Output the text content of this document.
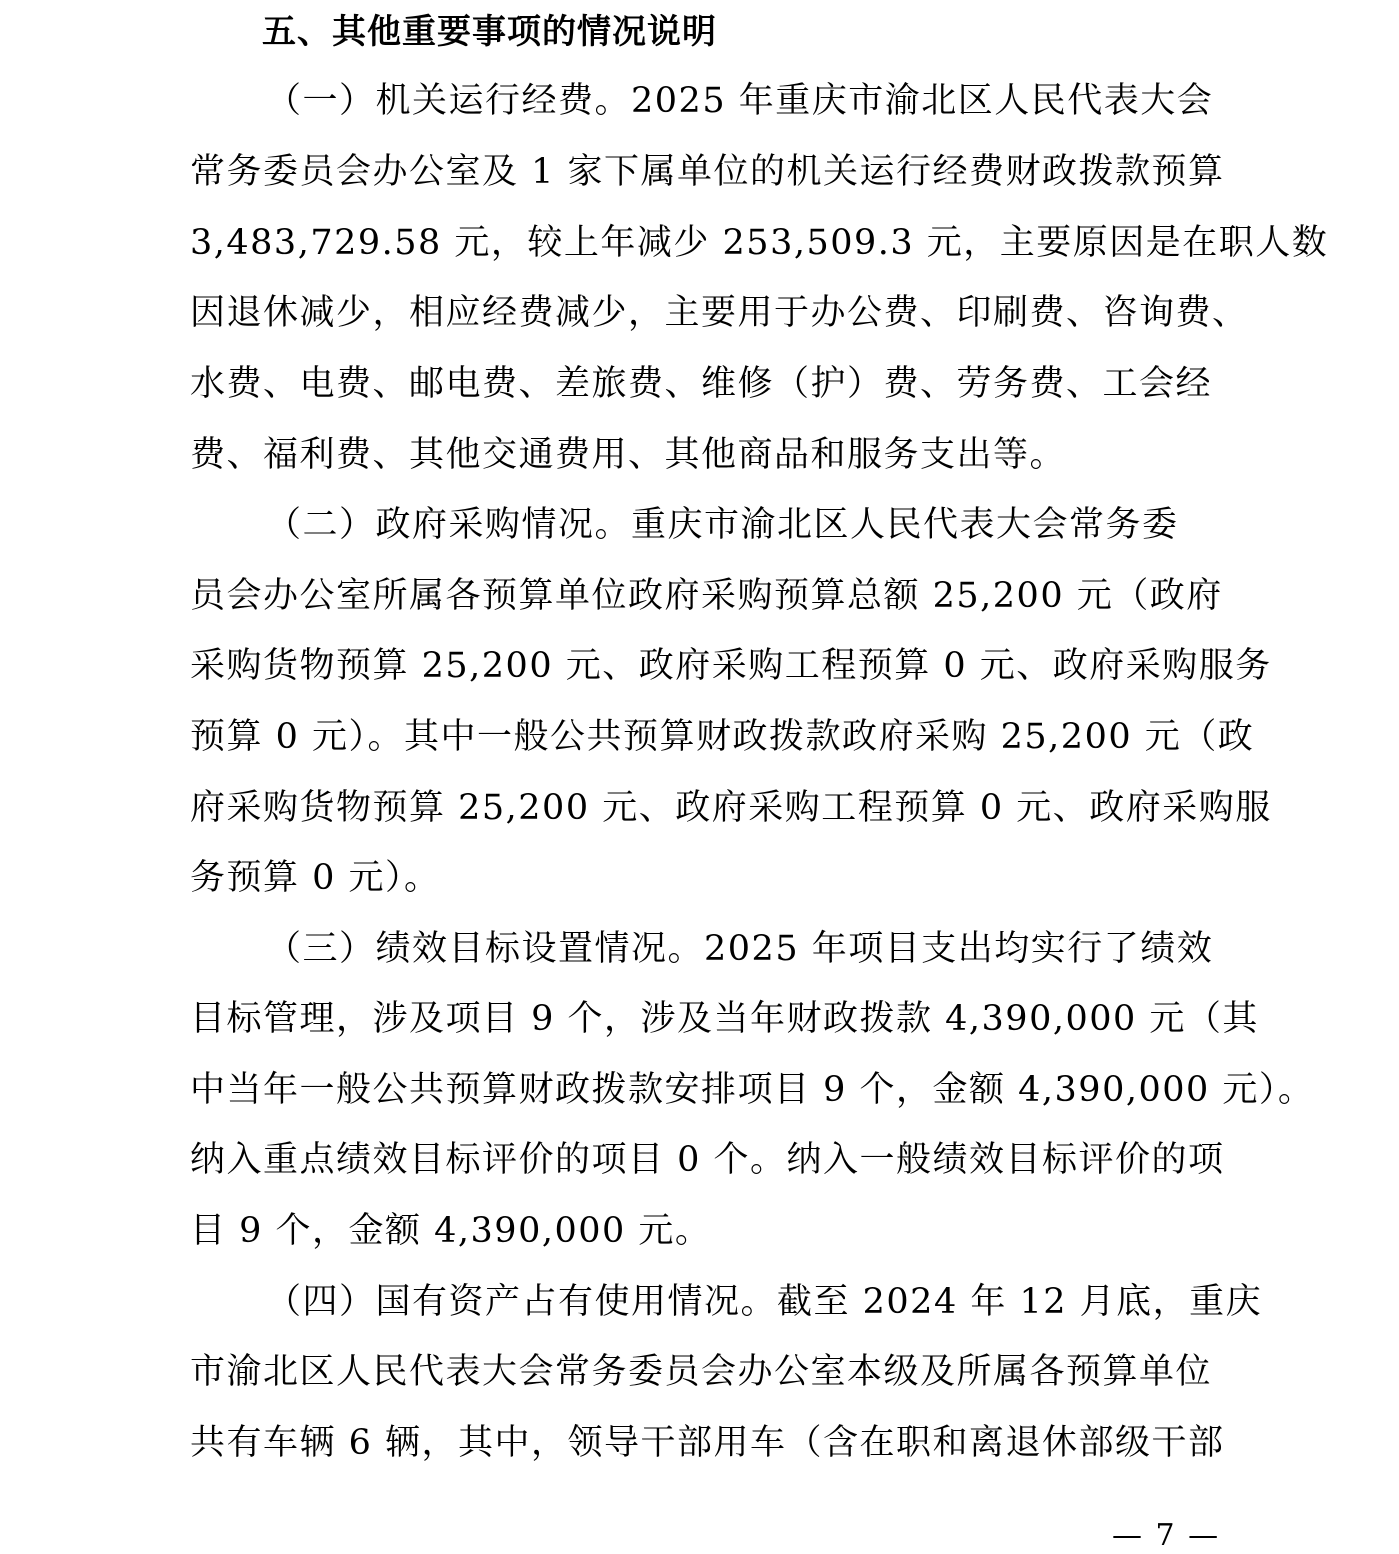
五、其他重要事项的情况说明
（一）机关运行经费。2025 年重庆市渝北区人民代表大会
常务委员会办公室及 1 家下属单位的机关运行经费财政拨款预算
3,483,729.58 元，较上年减少 253,509.3 元，主要原因是在职人数
因退休减少，相应经费减少，主要用于办公费、印刷费、咨询费、
水费、电费、邮电费、差旅费、维修（护）费、劳务费、工会经
费、福利费、其他交通费用、其他商品和服务支出等。
（二）政府采购情况。重庆市渝北区人民代表大会常务委
员会办公室所属各预算单位政府采购预算总额 25,200 元（政府
采购货物预算 25,200 元、政府采购工程预算 0 元、政府采购服务
预算 0 元）。其中一般公共预算财政拨款政府采购 25,200 元（政
府采购货物预算 25,200 元、政府采购工程预算 0 元、政府采购服
务预算 0 元）。
（三）绩效目标设置情况。2025 年项目支出均实行了绩效
目标管理，涉及项目 9 个，涉及当年财政拨款 4,390,000 元（其
中当年一般公共预算财政拨款安排项目 9 个，金额 4,390,000 元）。
纳入重点绩效目标评价的项目 0 个。纳入一般绩效目标评价的项
目 9 个，金额 4,390,000 元。
（四）国有资产占有使用情况。截至 2024 年 12 月底，重庆
市渝北区人民代表大会常务委员会办公室本级及所属各预算单位
共有车辆 6 辆，其中，领导干部用车（含在职和离退休部级干部
— 7 —
